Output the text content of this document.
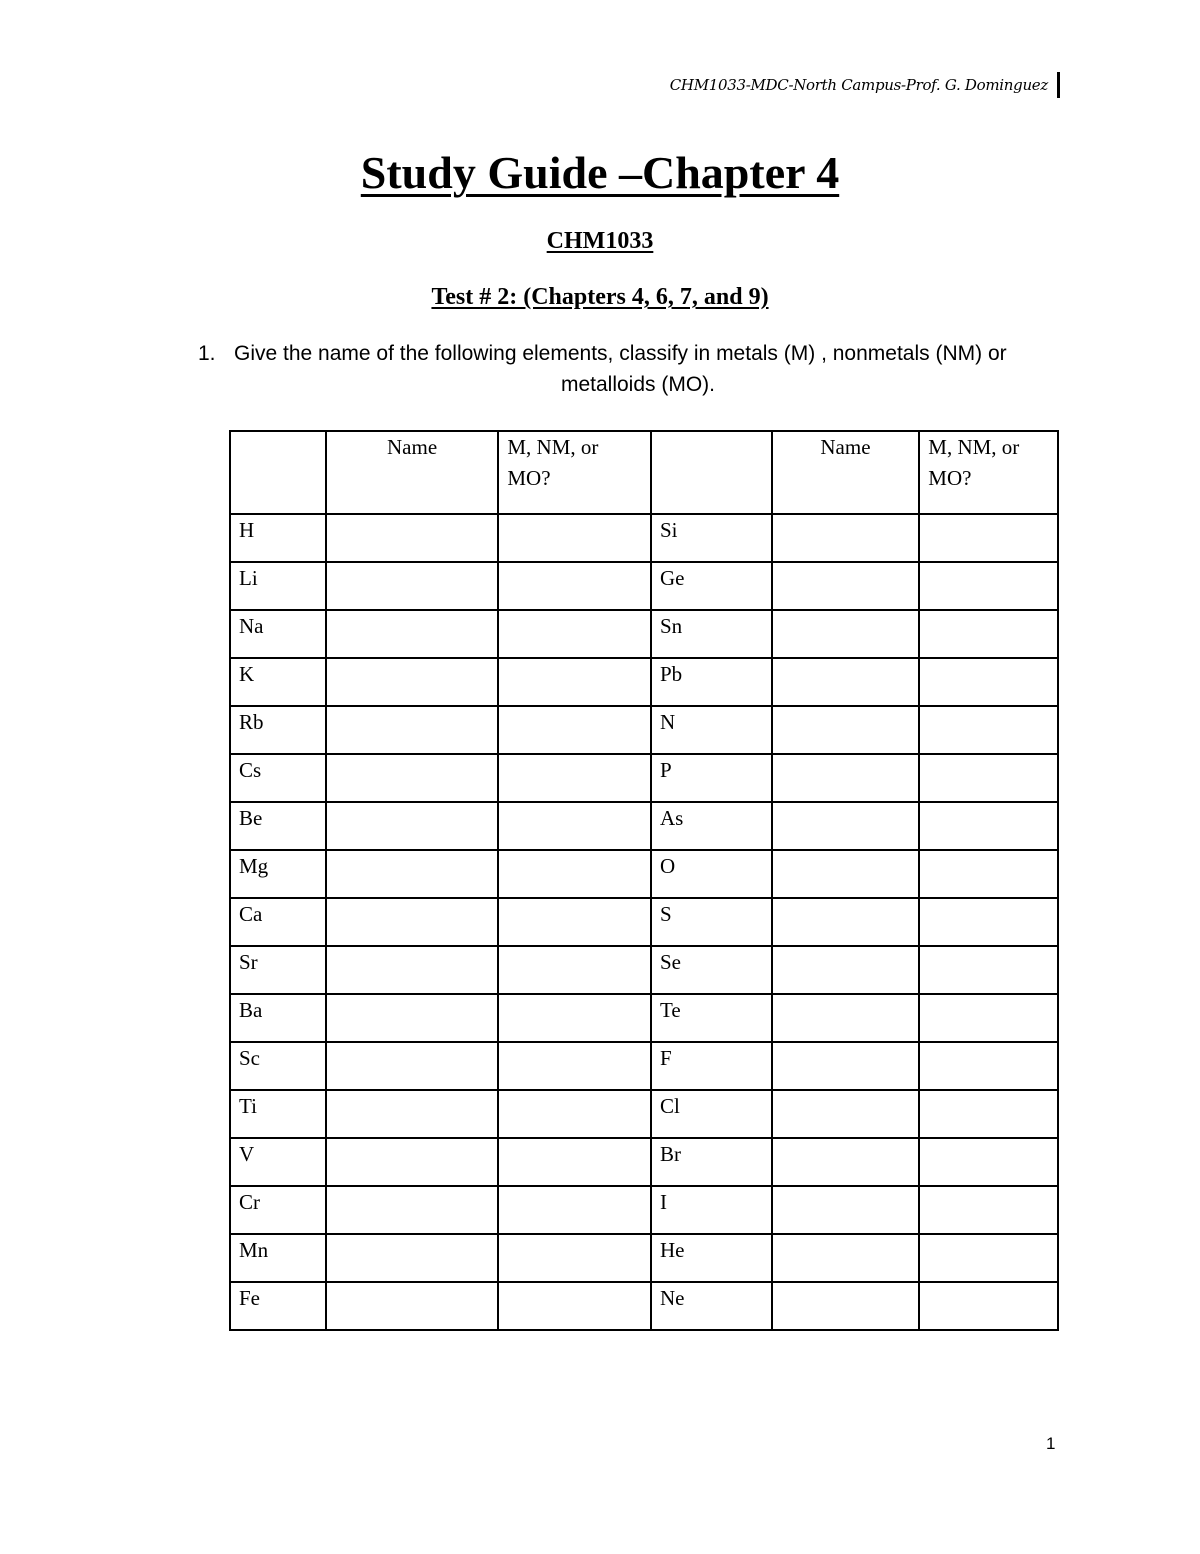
CHM1033-MDC-North Campus-Prof. G. Dominguez
Study Guide –Chapter 4
CHM1033
Test # 2: (Chapters 4, 6, 7, and 9)
1. Give the name of the following elements, classify in metals (M) , nonmetals (NM) or
metalloids (MO).
	Name	M, NM, or MO?		Name	M, NM, or MO?
H			Si		
Li			Ge		
Na			Sn		
K			Pb		
Rb			N		
Cs			P		
Be			As		
Mg			O		
Ca			S		
Sr			Se		
Ba			Te		
Sc			F		
Ti			Cl		
V			Br		
Cr			I		
Mn			He		
Fe			Ne		
1
